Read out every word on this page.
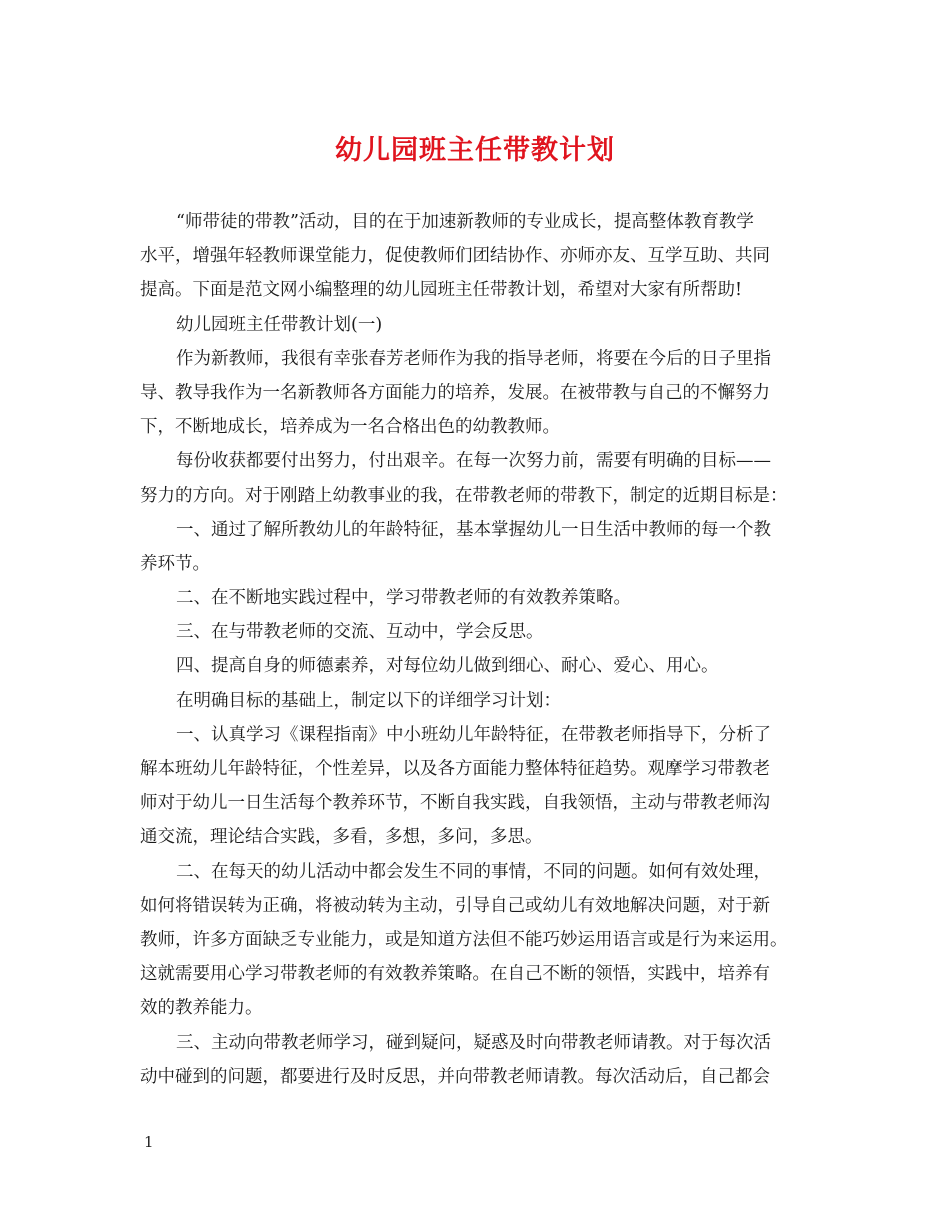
幼儿园班主任带教计划
“师带徒的带教”活动，目的在于加速新教师的专业成长，提高整体教育教学
水平，增强年轻教师课堂能力，促使教师们团结协作、亦师亦友、互学互助、共同
提高。下面是范文网小编整理的幼儿园班主任带教计划，希望对大家有所帮助!
幼儿园班主任带教计划(一)
作为新教师，我很有幸张春芳老师作为我的指导老师，将要在今后的日子里指
导、教导我作为一名新教师各方面能力的培养，发展。在被带教与自己的不懈努力
下，不断地成长，培养成为一名合格出色的幼教教师。
每份收获都要付出努力，付出艰辛。在每一次努力前，需要有明确的目标——
努力的方向。对于刚踏上幼教事业的我，在带教老师的带教下，制定的近期目标是：
一、通过了解所教幼儿的年龄特征，基本掌握幼儿一日生活中教师的每一个教
养环节。
二、在不断地实践过程中，学习带教老师的有效教养策略。
三、在与带教老师的交流、互动中，学会反思。
四、提高自身的师德素养，对每位幼儿做到细心、耐心、爱心、用心。
在明确目标的基础上，制定以下的详细学习计划：
一、认真学习《课程指南》中小班幼儿年龄特征，在带教老师指导下，分析了
解本班幼儿年龄特征，个性差异，以及各方面能力整体特征趋势。观摩学习带教老
师对于幼儿一日生活每个教养环节，不断自我实践，自我领悟，主动与带教老师沟
通交流，理论结合实践，多看，多想，多问，多思。
二、在每天的幼儿活动中都会发生不同的事情，不同的问题。如何有效处理，
如何将错误转为正确，将被动转为主动，引导自己或幼儿有效地解决问题，对于新
教师，许多方面缺乏专业能力，或是知道方法但不能巧妙运用语言或是行为来运用。
这就需要用心学习带教老师的有效教养策略。在自己不断的领悟，实践中，培养有
效的教养能力。
三、主动向带教老师学习，碰到疑问，疑惑及时向带教老师请教。对于每次活
动中碰到的问题，都要进行及时反思，并向带教老师请教。每次活动后，自己都会
1
